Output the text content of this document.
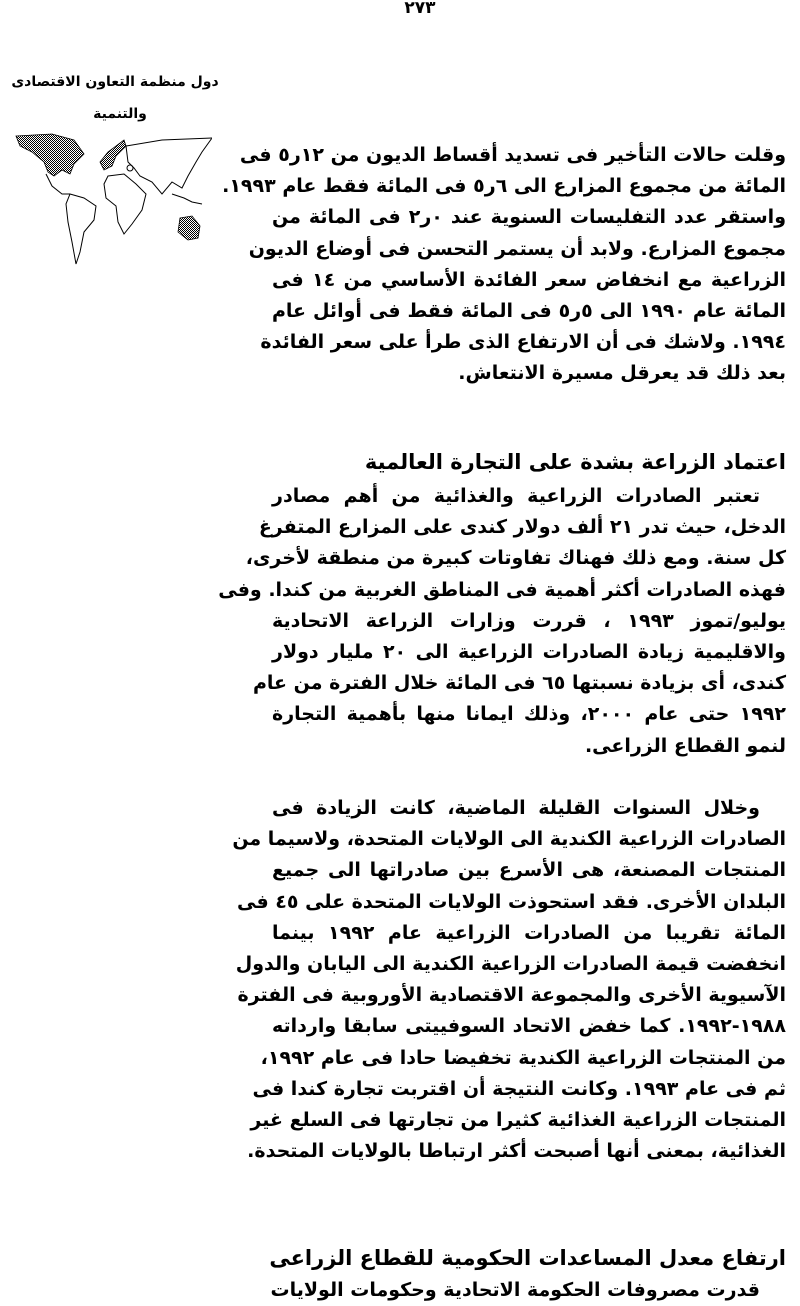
٢٧٣
دول منظمة التعاون الاقتصادى
والتنمية
وقلت حالات التأخير فى تسديد أقساط الديون من ١٢ر٥ فى
المائة من مجموع المزارع الى ٦ر٥ فى المائة فقط عام ١٩٩٣.
واستقر عدد التفليسات السنوية عند ٠ر٢ فى المائة من
مجموع المزارع. ولابد أن يستمر التحسن فى أوضاع الديون
الزراعية مع انخفاض سعر الفائدة الأساسي من ١٤ فى
المائة عام ١٩٩٠ الى ٥ر٥ فى المائة فقط فى أوائل عام
١٩٩٤. ولاشك فى أن الارتفاع الذى طرأ على سعر الفائدة
بعد ذلك قد يعرقل مسيرة الانتعاش.
اعتماد الزراعة بشدة على التجارة العالمية
تعتبر الصادرات الزراعية والغذائية من أهم مصادر
الدخل، حيث تدر ٢١ ألف دولار كندى على المزارع المتفرغ
كل سنة. ومع ذلك فهناك تفاوتات كبيرة من منطقة لأخرى،
فهذه الصادرات أكثر أهمية فى المناطق الغربية من كندا. وفى
يوليو/تموز ١٩٩٣ ، قررت وزارات الزراعة الاتحادية
والاقليمية زيادة الصادرات الزراعية الى ٢٠ مليار دولار
كندى، أى بزيادة نسبتها ٦٥ فى المائة خلال الفترة من عام
١٩٩٢ حتى عام ٢٠٠٠، وذلك ايمانا منها بأهمية التجارة
لنمو القطاع الزراعى.
وخلال السنوات القليلة الماضية، كانت الزيادة فى
الصادرات الزراعية الكندية الى الولايات المتحدة، ولاسيما من
المنتجات المصنعة، هى الأسرع بين صادراتها الى جميع
البلدان الأخرى. فقد استحوذت الولايات المتحدة على ٤٥ فى
المائة تقريبا من الصادرات الزراعية عام ١٩٩٢ بينما
انخفضت قيمة الصادرات الزراعية الكندية الى اليابان والدول
الآسيوية الأخرى والمجموعة الاقتصادية الأوروبية فى الفترة
١٩٨٨-١٩٩٢. كما خفض الاتحاد السوفييتى سابقا وارداته
من المنتجات الزراعية الكندية تخفيضا حادا فى عام ١٩٩٢،
ثم فى عام ١٩٩٣. وكانت النتيجة أن اقتربت تجارة كندا فى
المنتجات الزراعية الغذائية كثيرا من تجارتها فى السلع غير
الغذائية، بمعنى أنها أصبحت أكثر ارتباطا بالولايات المتحدة.
ارتفاع معدل المساعدات الحكومية للقطاع الزراعى
قدرت مصروفات الحكومة الاتحادية وحكومات الولايات
